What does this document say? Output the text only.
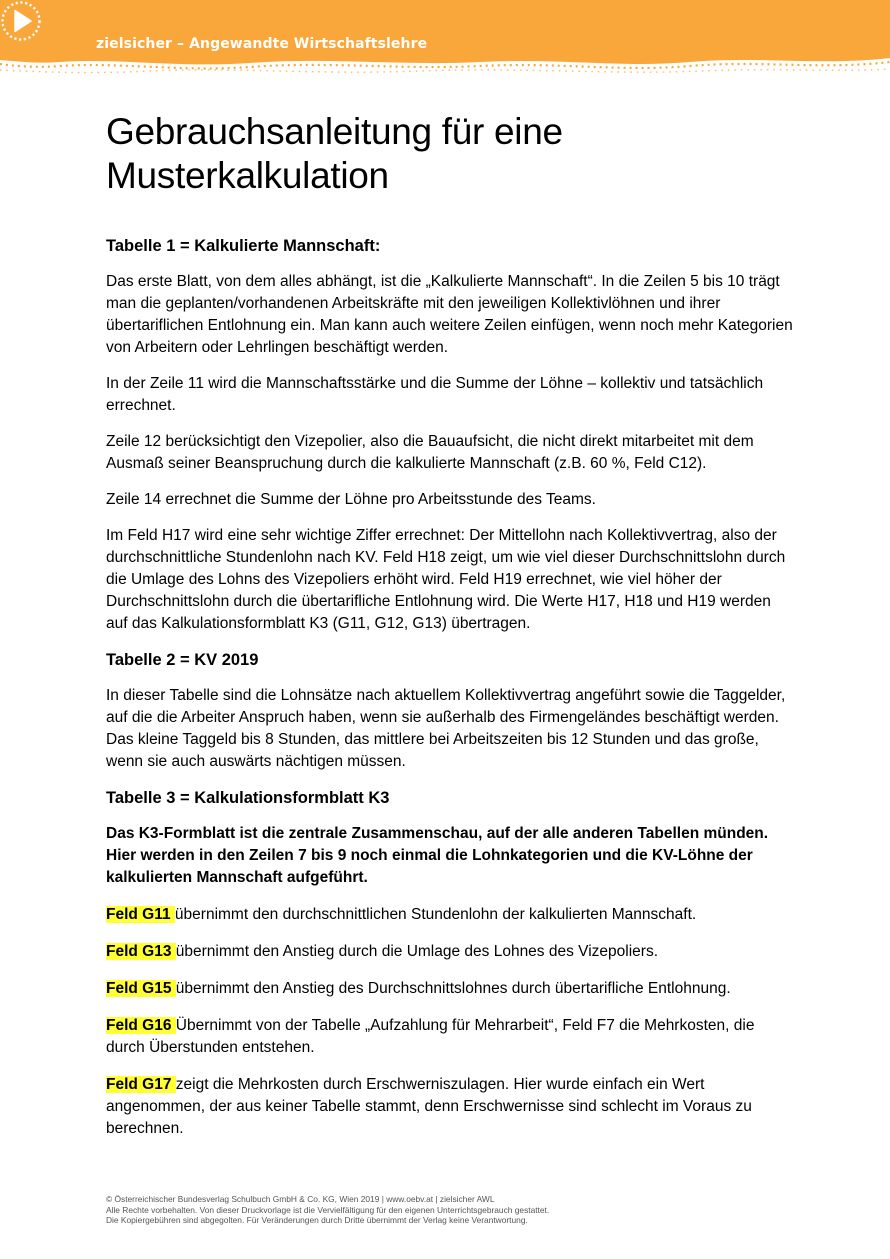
zielsicher – Angewandte Wirtschaftslehre
Gebrauchsanleitung für eine
Musterkalkulation
Tabelle 1 = Kalkulierte Mannschaft:

Das erste Blatt, von dem alles abhängt, ist die „Kalkulierte Mannschaft“. In die Zeilen 5 bis 10 trägt man die geplanten/vorhandenen Arbeitskräfte mit den jeweiligen Kollektivlöhnen und ihrer übertariflichen Entlohnung ein. Man kann auch weitere Zeilen einfügen, wenn noch mehr Kategorien von Arbeitern oder Lehrlingen beschäftigt werden.

In der Zeile 11 wird die Mannschaftsstärke und die Summe der Löhne – kollektiv und tatsächlich errechnet.

Zeile 12 berücksichtigt den Vizepolier, also die Bauaufsicht, die nicht direkt mitarbeitet mit dem Ausmaß seiner Beanspruchung durch die kalkulierte Mannschaft (z.B. 60 %, Feld C12).

Zeile 14 errechnet die Summe der Löhne pro Arbeitsstunde des Teams.

Im Feld H17 wird eine sehr wichtige Ziffer errechnet: Der Mittellohn nach Kollektivvertrag, also der durchschnittliche Stundenlohn nach KV. Feld H18 zeigt, um wie viel dieser Durchschnittslohn durch die Umlage des Lohns des Vizepoliers erhöht wird. Feld H19 errechnet, wie viel höher der Durchschnittslohn durch die übertarifliche Entlohnung wird. Die Werte H17, H18 und H19 werden auf das Kalkulationsformblatt K3 (G11, G12, G13) übertragen.

Tabelle 2 = KV 2019

In dieser Tabelle sind die Lohnsätze nach aktuellem Kollektivvertrag angeführt sowie die Taggelder, auf die die Arbeiter Anspruch haben, wenn sie außerhalb des Firmengeländes beschäftigt werden. Das kleine Taggeld bis 8 Stunden, das mittlere bei Arbeitszeiten bis 12 Stunden und das große, wenn sie auch auswärts nächtigen müssen.

Tabelle 3 = Kalkulationsformblatt K3

Das K3-Formblatt ist die zentrale Zusammenschau, auf der alle anderen Tabellen münden. Hier werden in den Zeilen 7 bis 9 noch einmal die Lohnkategorien und die KV-Löhne der kalkulierten Mannschaft aufgeführt.

Feld G11 übernimmt den durchschnittlichen Stundenlohn der kalkulierten Mannschaft.

Feld G13 übernimmt den Anstieg durch die Umlage des Lohnes des Vizepoliers.

Feld G15 übernimmt den Anstieg des Durchschnittslohnes durch übertarifliche Entlohnung.

Feld G16 Übernimmt von der Tabelle „Aufzahlung für Mehrarbeit“, Feld F7 die Mehrkosten, die durch Überstunden entstehen.

Feld G17 zeigt die Mehrkosten durch Erschwerniszulagen. Hier wurde einfach ein Wert angenommen, der aus keiner Tabelle stammt, denn Erschwernisse sind schlecht im Voraus zu berechnen.

© Österreichischer Bundesverlag Schulbuch GmbH & Co. KG, Wien 2019 | www.oebv.at | zielsicher AWL
Alle Rechte vorbehalten. Von dieser Druckvorlage ist die Vervielfältigung für den eigenen Unterrichtsgebrauch gestattet.
Die Kopiergebühren sind abgegolten. Für Veränderungen durch Dritte übernimmt der Verlag keine Verantwortung.
